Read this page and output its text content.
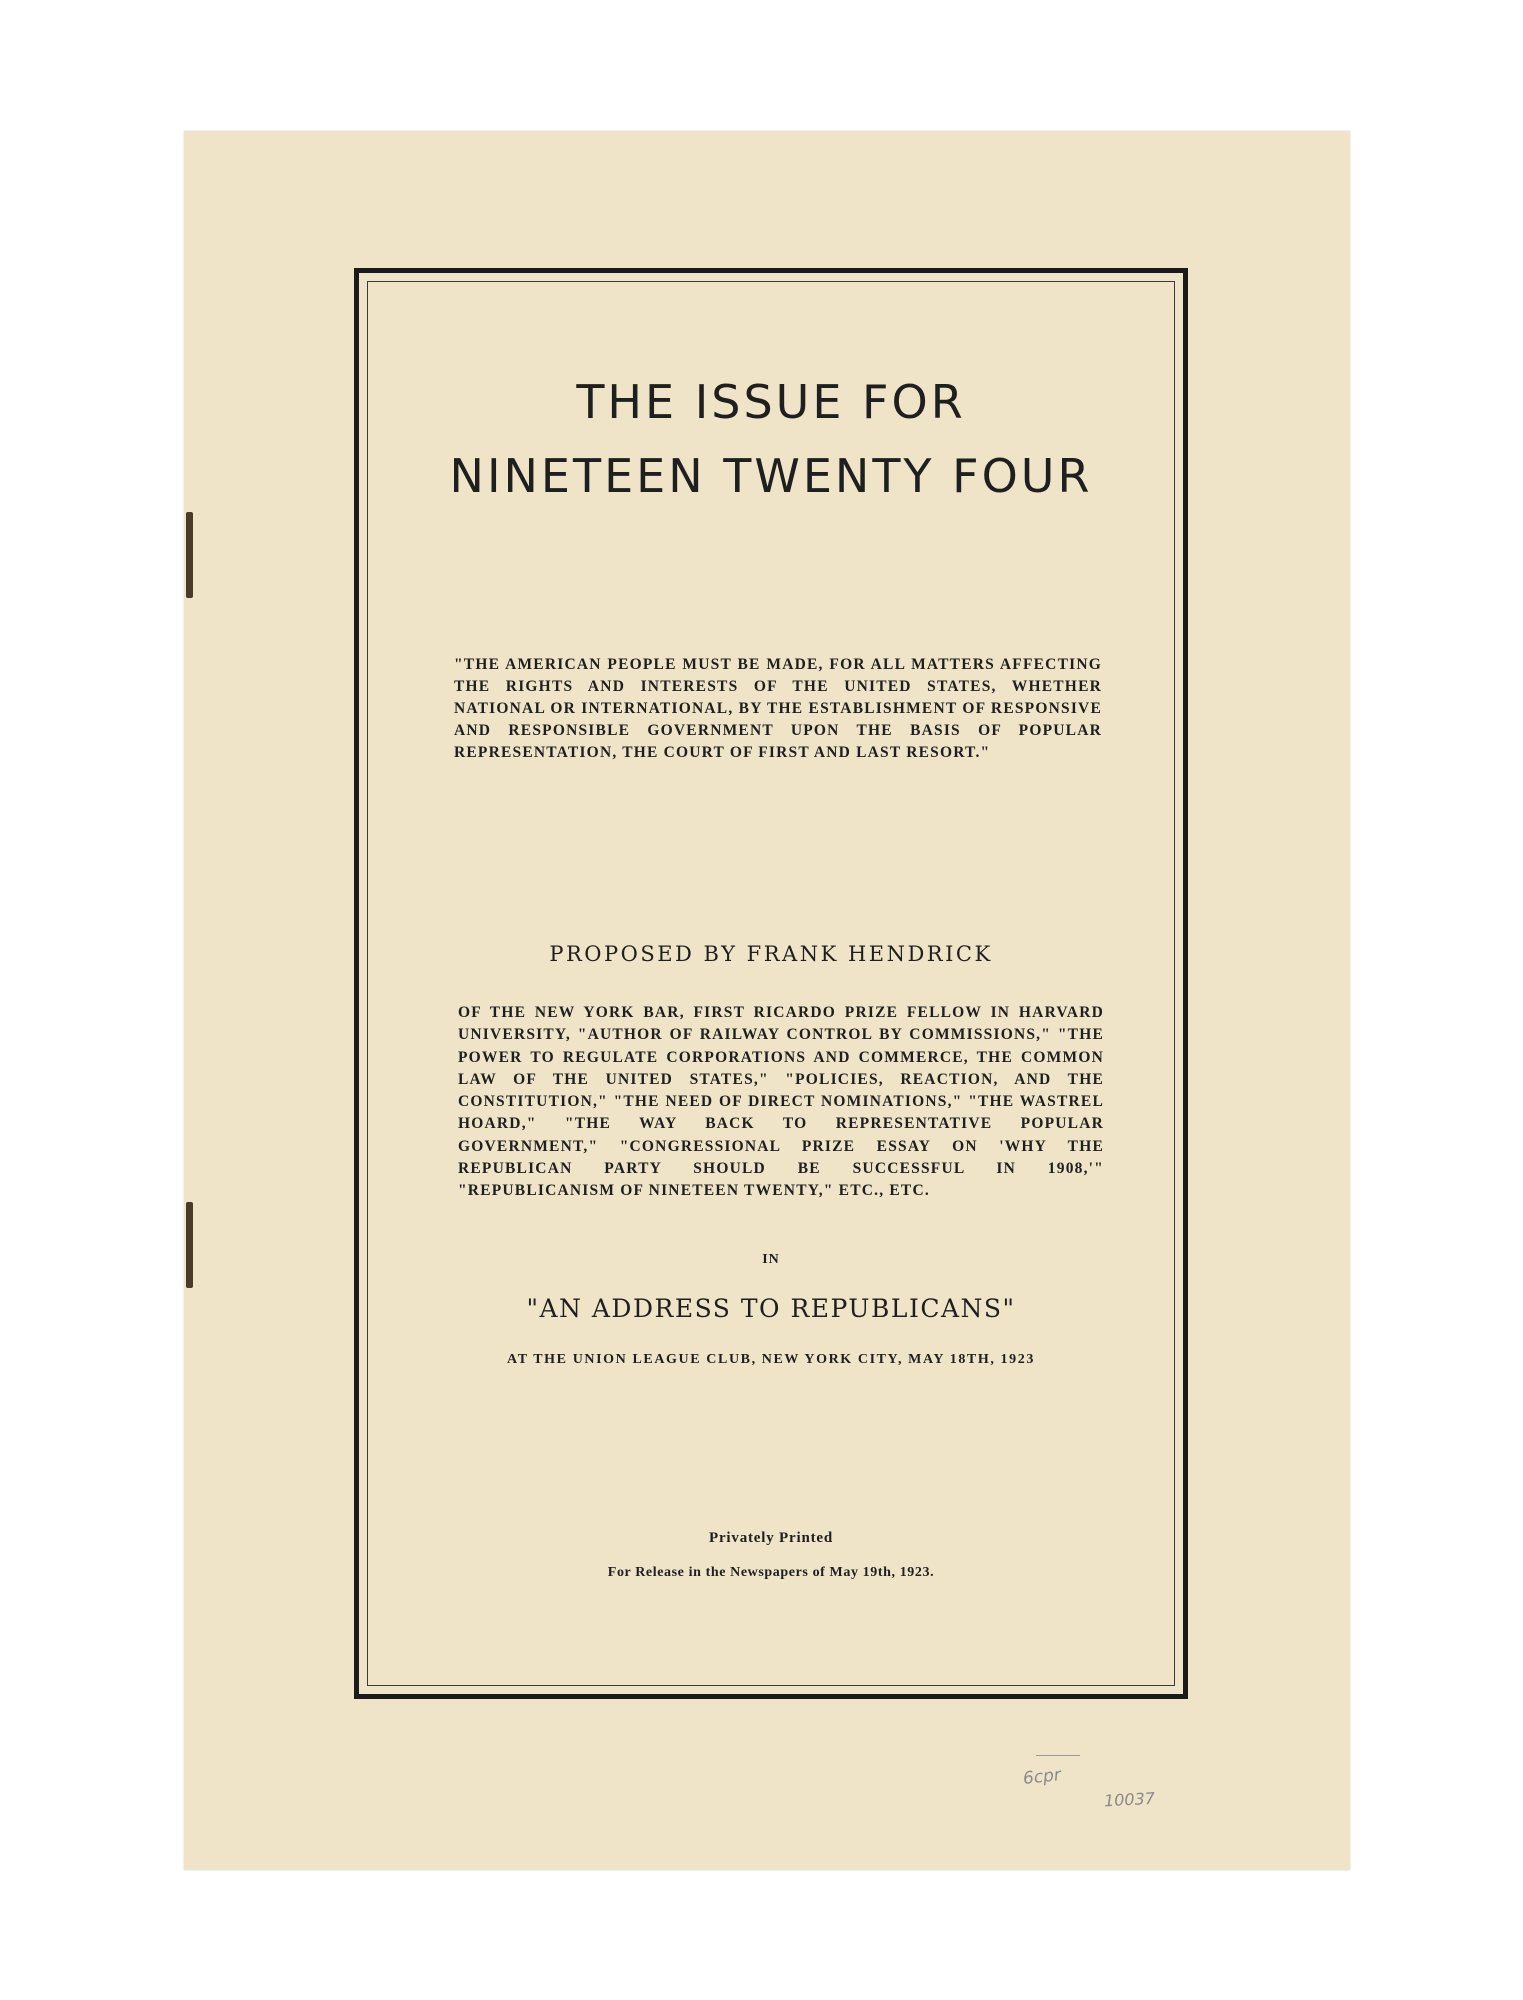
THE ISSUE FOR
NINETEEN TWENTY FOUR
"THE AMERICAN PEOPLE MUST BE MADE, FOR ALL MATTERS AFFECTING THE RIGHTS AND INTERESTS OF THE UNITED STATES, WHETHER NATIONAL OR INTERNATIONAL, BY THE ESTABLISHMENT OF RESPONSIVE AND RESPONSIBLE GOVERNMENT UPON THE BASIS OF POPULAR REPRESENTATION, THE COURT OF FIRST AND LAST RESORT."
PROPOSED BY FRANK HENDRICK
OF THE NEW YORK BAR, FIRST RICARDO PRIZE FELLOW IN HARVARD UNIVERSITY, "AUTHOR OF RAILWAY CONTROL BY COMMISSIONS," "THE POWER TO REGULATE CORPORATIONS AND COMMERCE, THE COMMON LAW OF THE UNITED STATES," "POLICIES, REACTION, AND THE CONSTITUTION," "THE NEED OF DIRECT NOMINATIONS," "THE WASTREL HOARD," "THE WAY BACK TO REPRESENTATIVE POPULAR GOVERNMENT," "CONGRESSIONAL PRIZE ESSAY ON 'WHY THE REPUBLICAN PARTY SHOULD BE SUCCESSFUL IN 1908,'" "REPUBLICANISM OF NINETEEN TWENTY," ETC., ETC.
IN
"AN ADDRESS TO REPUBLICANS"
AT THE UNION LEAGUE CLUB, NEW YORK CITY, MAY 18TH, 1923
Privately Printed
For Release in the Newspapers of May 19th, 1923.
6cpr
10037
